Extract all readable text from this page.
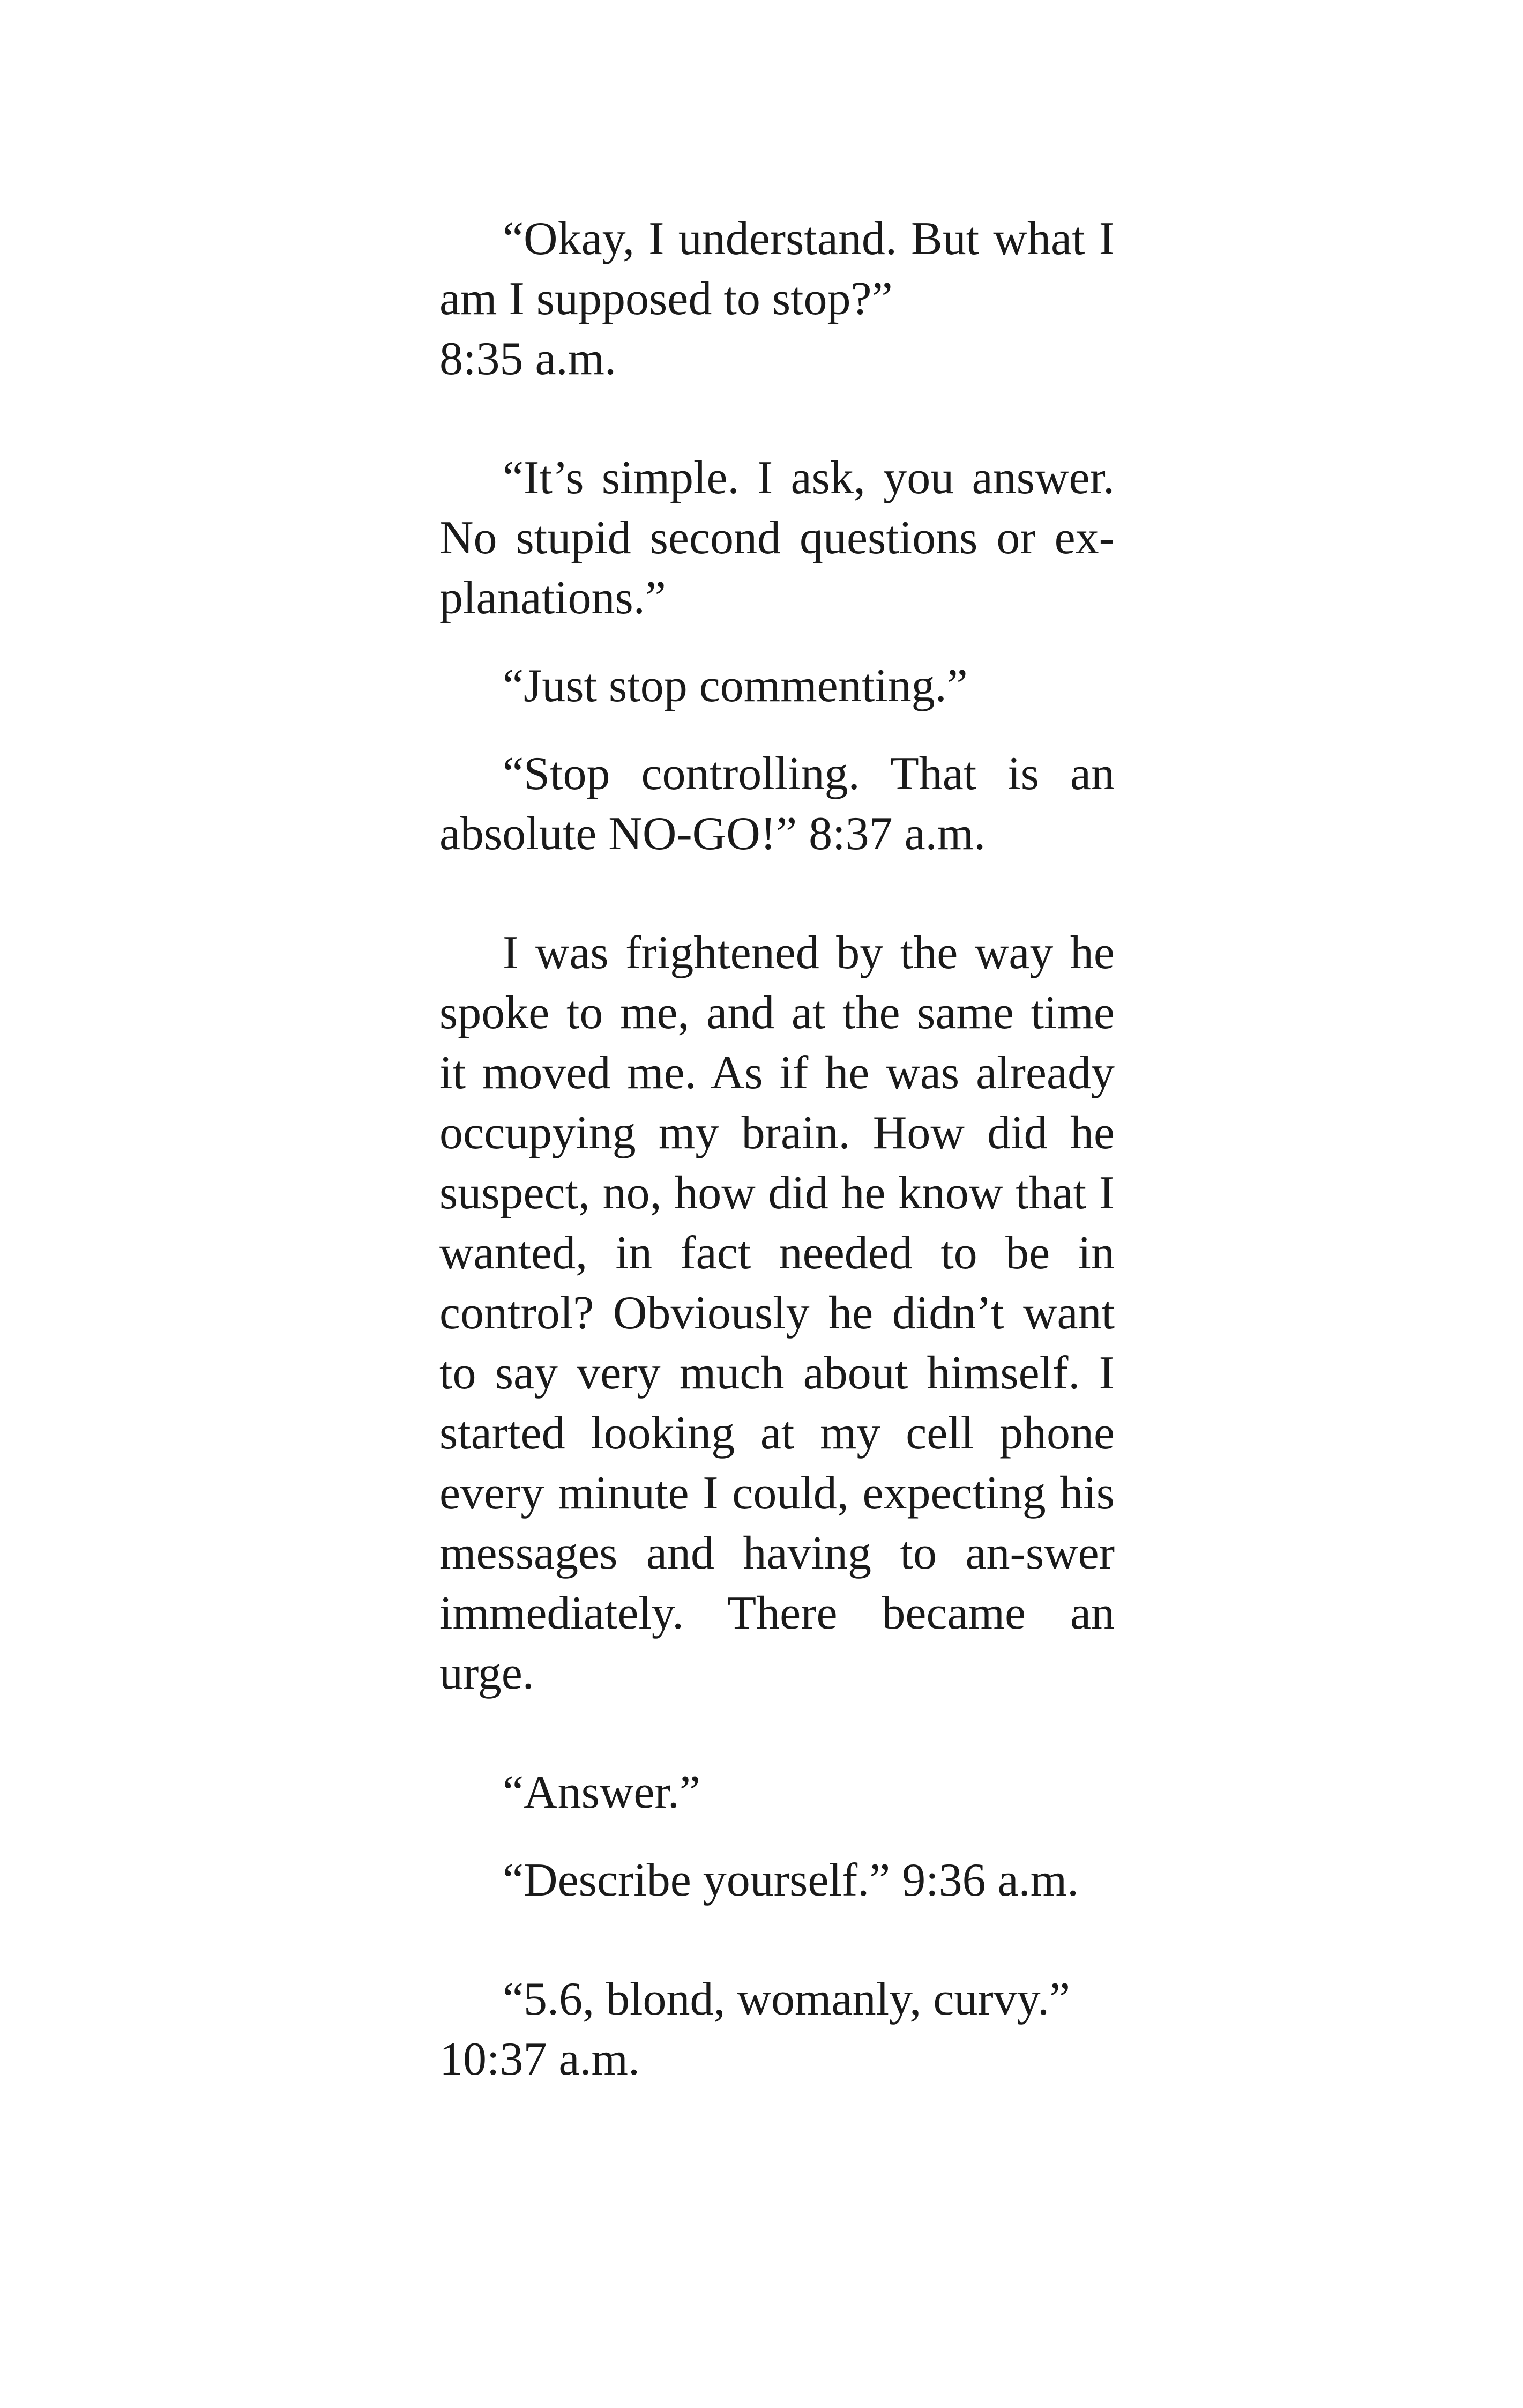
“Okay, I understand. But what I am I supposed to stop?”
8:35 a.m.

“It’s simple. I ask, you answer. No stupid second questions or ex-planations.”

“Just stop commenting.”

“Stop controlling. That is an absolute NO-GO!” 8:37 a.m.

I was frightened by the way he spoke to me, and at the same time it moved me. As if he was already occupying my brain. How did he suspect, no, how did he know that I wanted, in fact needed to be in control? Obviously he didn’t want to say very much about himself. I started looking at my cell phone every minute I could, expecting his messages and having to an-swer immediately. There became an urge.

“Answer.”

“Describe yourself.” 9:36 a.m.

“5.6, blond, womanly, curvy.”
10:37 a.m.
